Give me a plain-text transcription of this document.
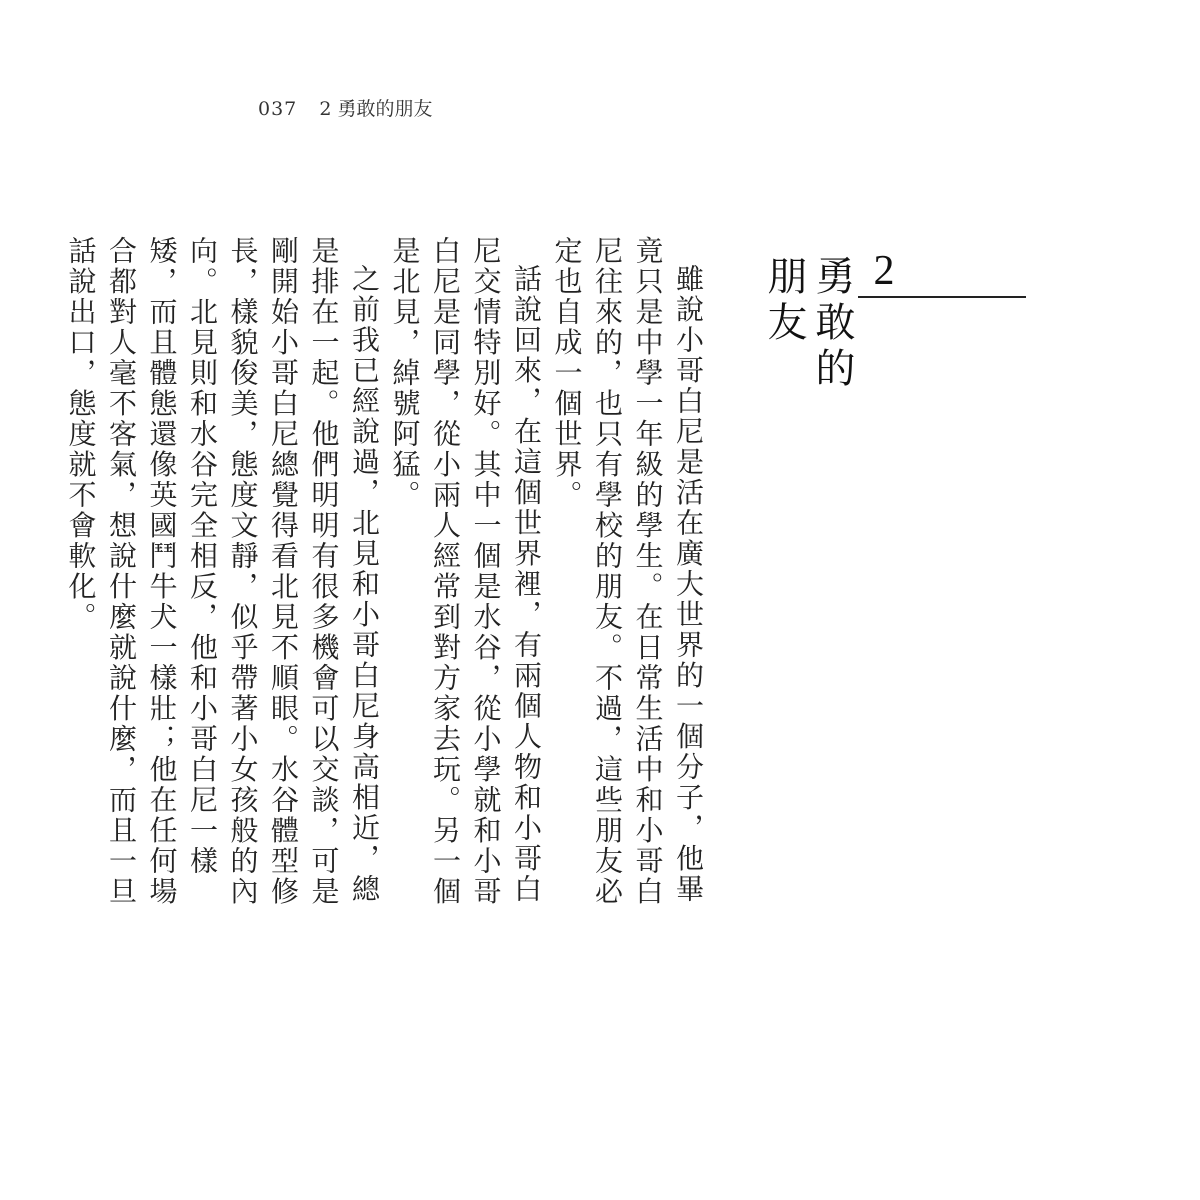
037 2 勇敢的朋友
2
勇敢的朋友

雖說小哥白尼是活在廣大世界的一個分子，他畢竟只是中學一年級的學生。在日常生活中和小哥白尼往來的，也只有學校的朋友。不過，這些朋友必定也自成一個世界。

話說回來，在這個世界裡，有兩個人物和小哥白尼交情特別好。其中一個是水谷，從小學就和小哥白尼是同學，從小兩人經常到對方家去玩。另一個是北見，綽號阿猛。

之前我已經說過，北見和小哥白尼身高相近，總是排在一起。他們明明有很多機會可以交談，可是剛開始小哥白尼總覺得看北見不順眼。水谷體型修長，樣貌俊美，態度文靜，似乎帶著小女孩般的內向。北見則和水谷完全相反，他和小哥白尼一樣矮，而且體態還像英國鬥牛犬一樣壯；他在任何場合都對人毫不客氣，想說什麼就說什麼，而且一旦話說出口，態度就不會軟化。
